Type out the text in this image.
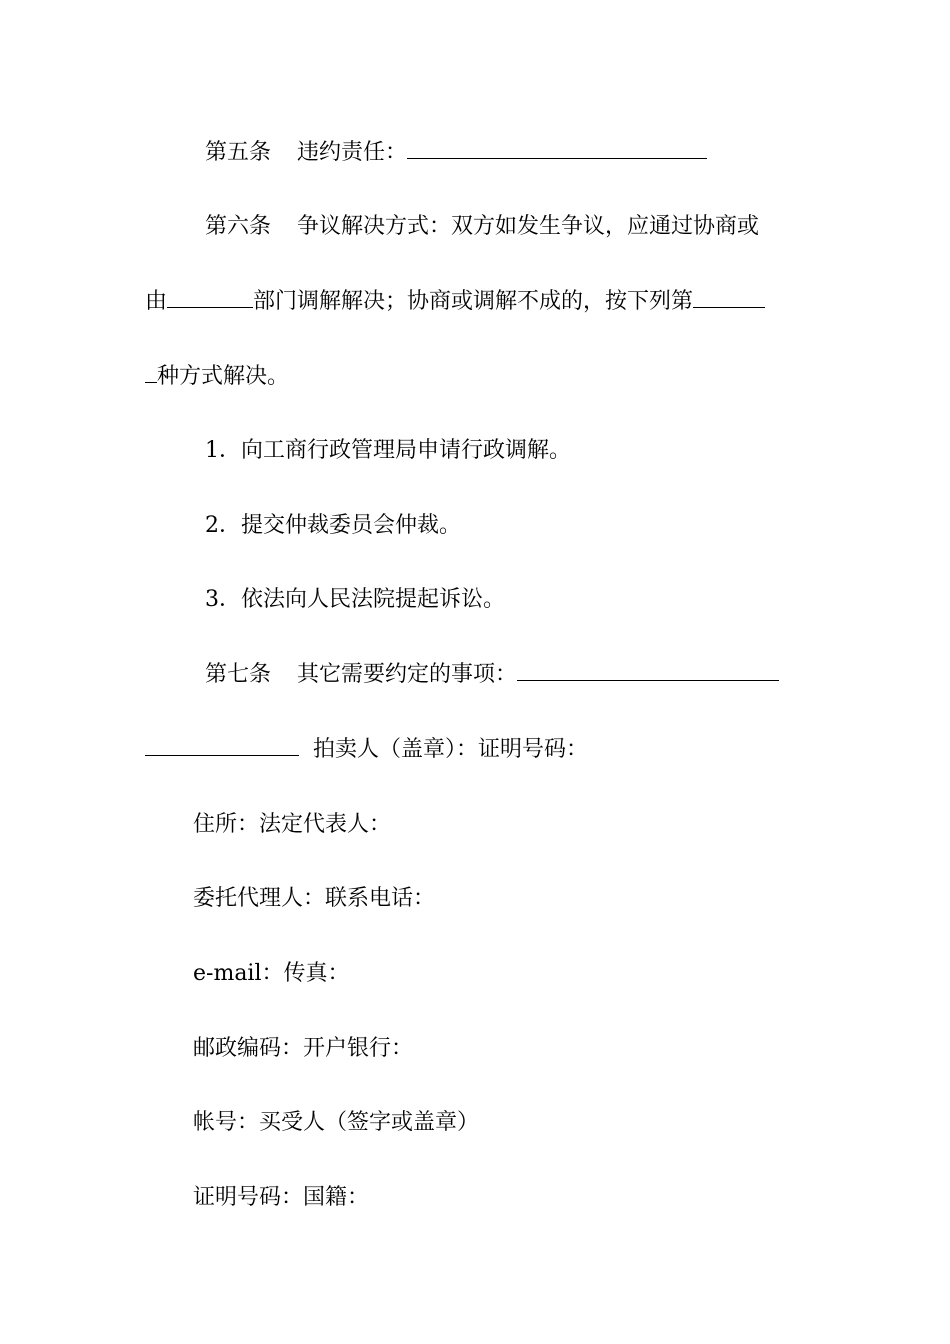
第五条 违约责任：
第六条 争议解决方式：双方如发生争议，应通过协商或
由	部门调解解决；协商或调解不成的，按下列第
种方式解决。
1．向工商行政管理局申请行政调解。
2．提交仲裁委员会仲裁。
3．依法向人民法院提起诉讼。
第七条 其它需要约定的事项：
拍卖人（盖章）：证明号码：
住所：法定代表人：
委托代理人：联系电话：
e-mail：传真：
邮政编码：开户银行：
帐号：买受人（签字或盖章）
证明号码：国籍：
